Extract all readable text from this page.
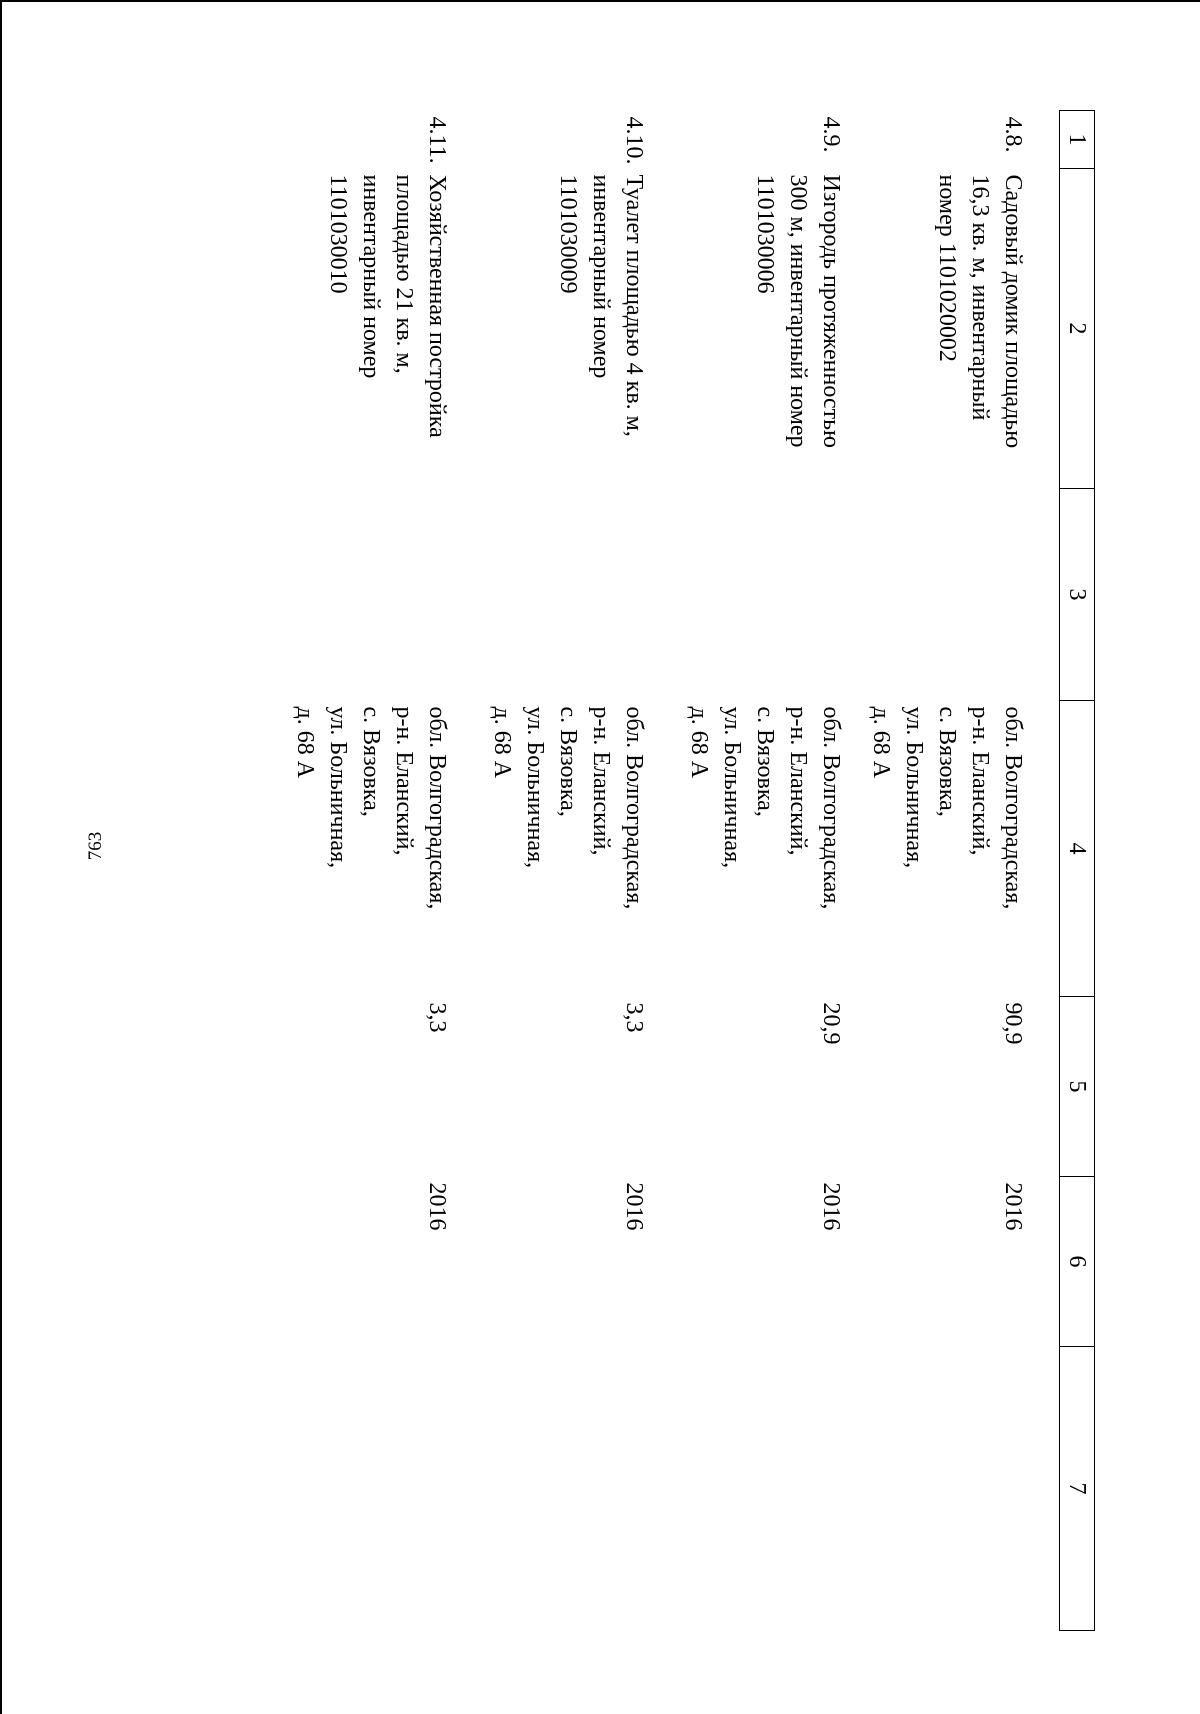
763
1	2	3	4	5	6	7
4.8.	Садовый домик площадью
16,3 кв. м, инвентарный
номер 1101020002		обл. Волгоградская,
р-н. Еланский,
с. Вязовка,
ул. Больничная,
д. 68 А	90,9	2016	
4.9.	Изгородь протяженностью
300 м, инвентарный номер
1101030006		обл. Волгоградская,
р-н. Еланский,
с. Вязовка,
ул. Больничная,
д. 68 А	20,9	2016	
4.10.	Туалет площадью 4 кв. м,
инвентарный номер
1101030009		обл. Волгоградская,
р-н. Еланский,
с. Вязовка,
ул. Больничная,
д. 68 А	3,3	2016	
4.11.	Хозяйственная постройка
площадью 21 кв. м,
инвентарный номер
1101030010		обл. Волгоградская,
р-н. Еланский,
с. Вязовка,
ул. Больничная,
д. 68 А	3,3	2016	
